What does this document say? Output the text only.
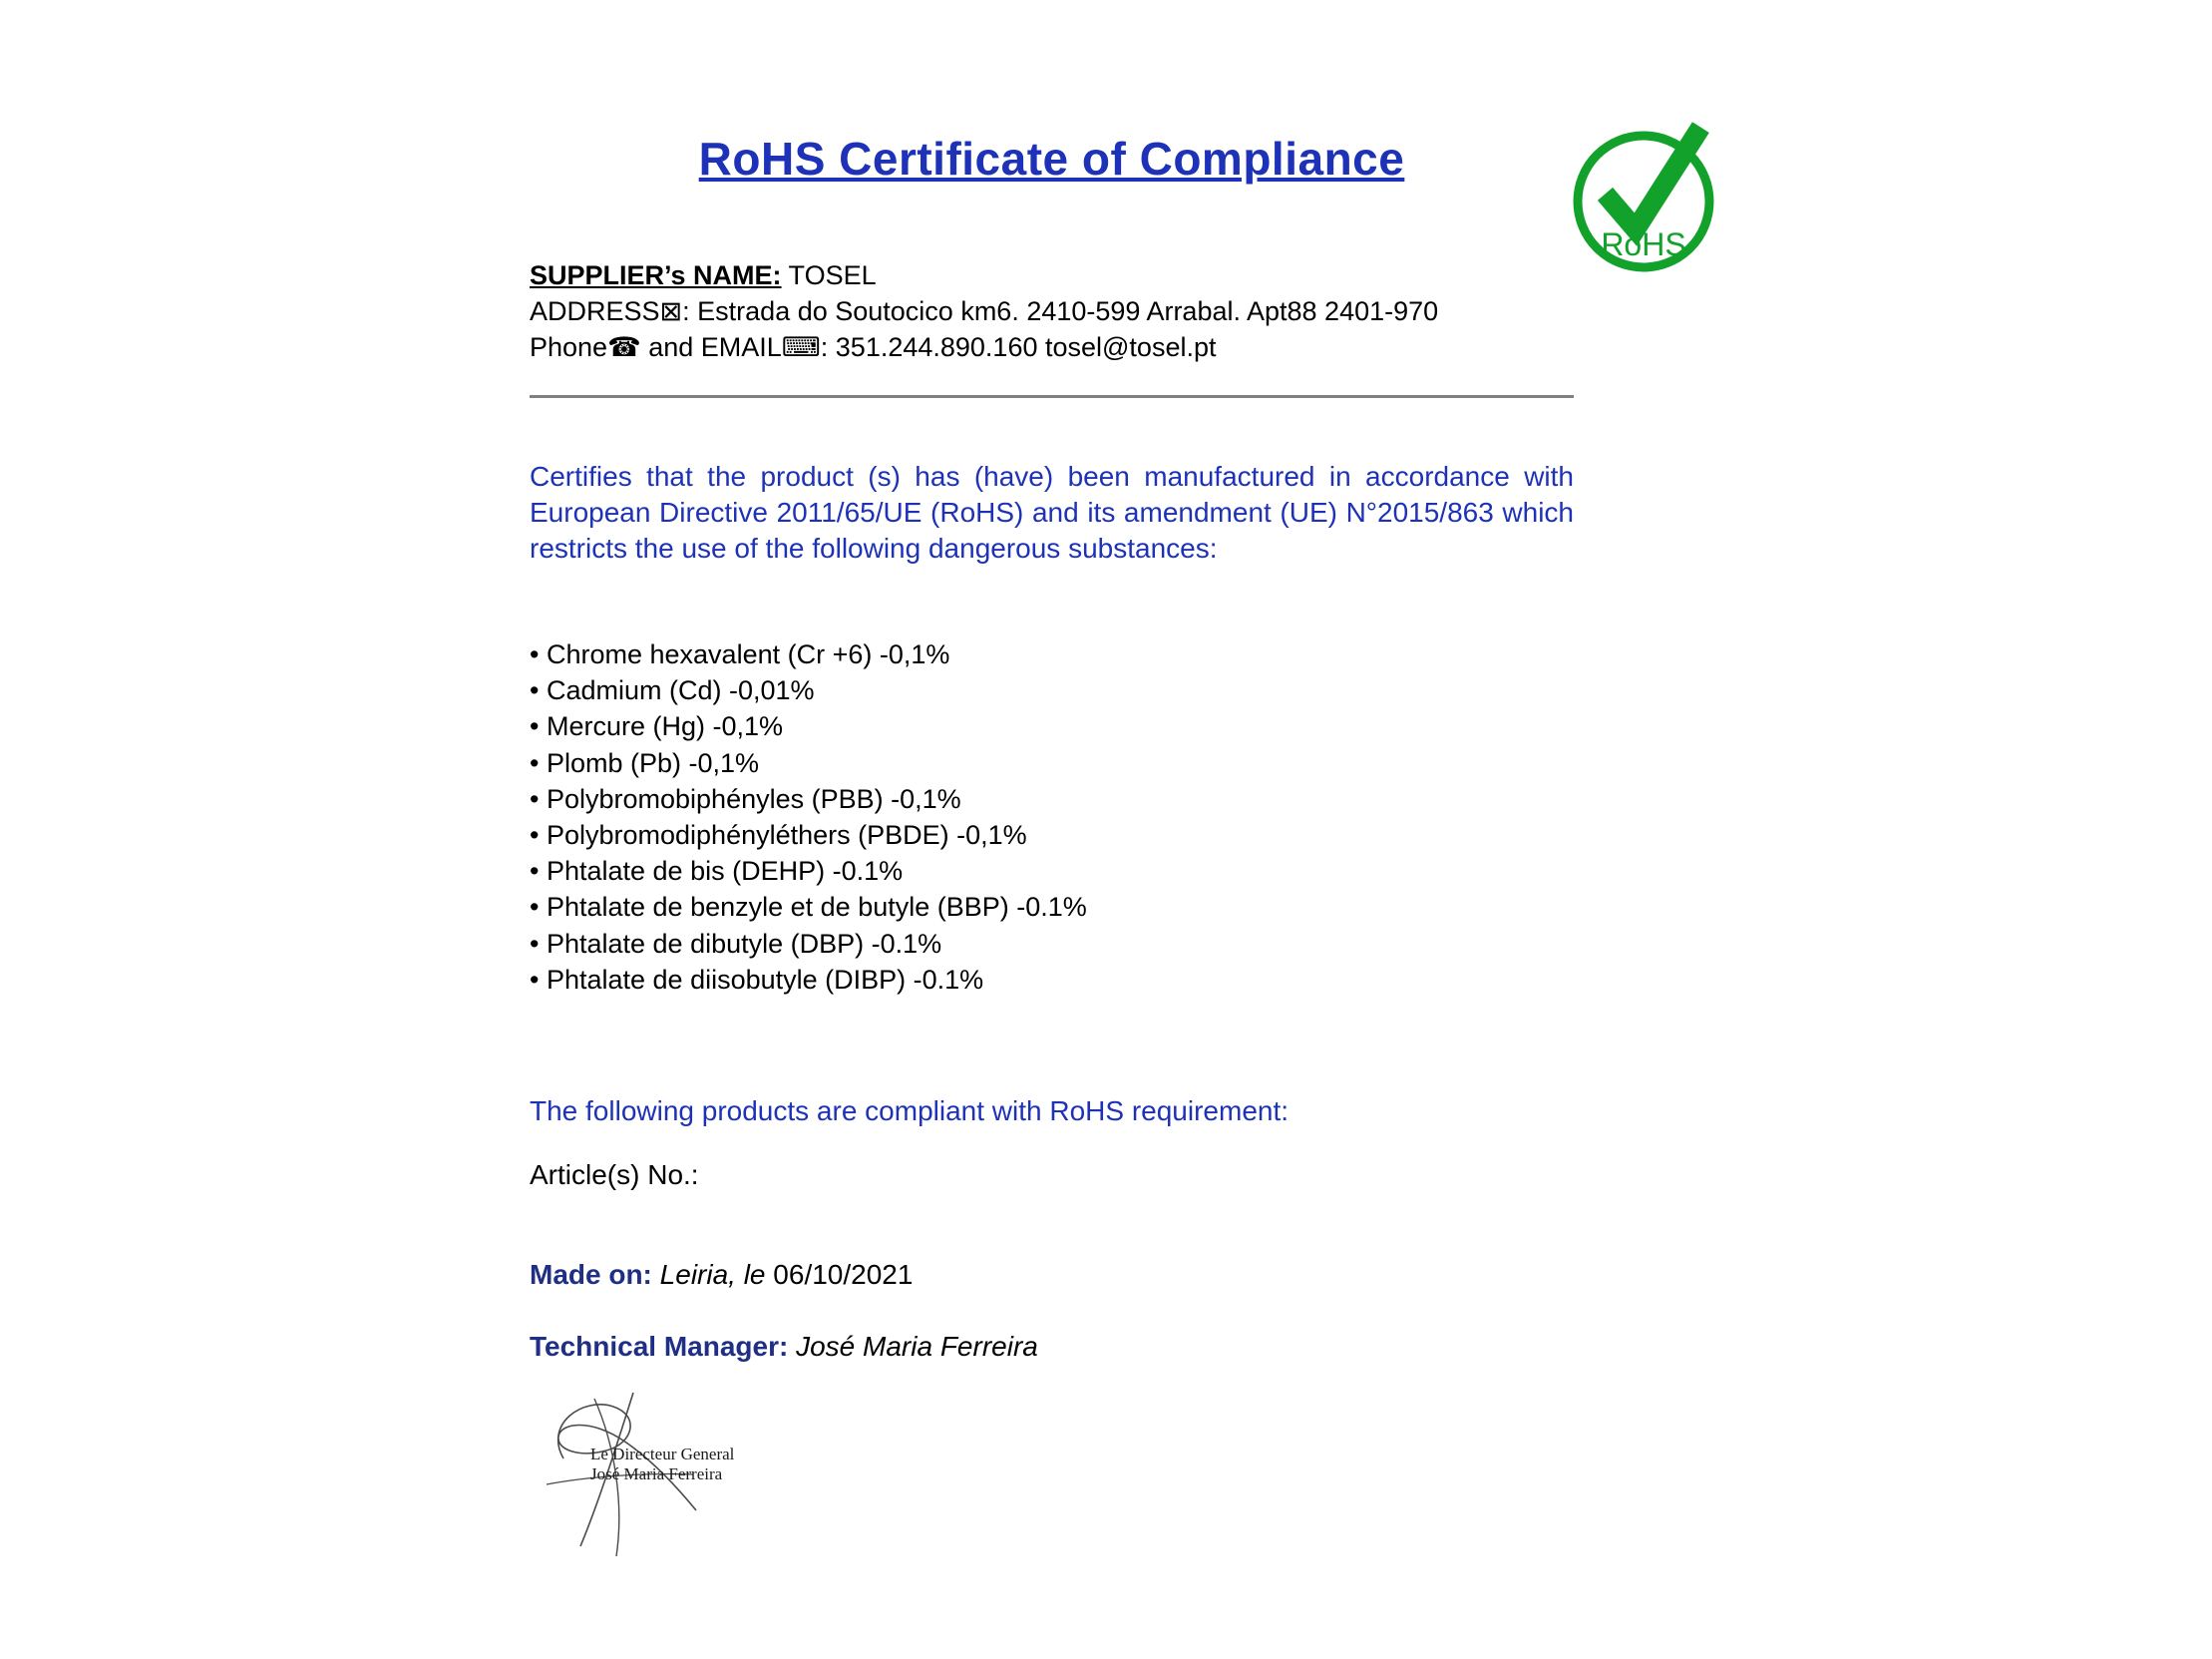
RoHS Certificate of Compliance
RoHS
SUPPLIER’s NAME: TOSEL
ADDRESS⊠: Estrada do Soutocico km6. 2410-599 Arrabal. Apt88 2401-970
Phone☎ and EMAIL⌨: 351.244.890.160 tosel@tosel.pt
Certifies that the product (s) has (have) been manufactured in accordance with European Directive 2011/65/UE (RoHS) and its amendment (UE) N°2015/863 which restricts the use of the following dangerous substances:
• Chrome hexavalent (Cr +6) -0,1%
• Cadmium (Cd) -0,01%
• Mercure (Hg) -0,1%
• Plomb (Pb) -0,1%
• Polybromobiphényles (PBB) -0,1%
• Polybromodiphényléthers (PBDE) -0,1%
• Phtalate de bis (DEHP) -0.1%
• Phtalate de benzyle et de butyle (BBP) -0.1%
• Phtalate de dibutyle (DBP) -0.1%
• Phtalate de diisobutyle (DIBP) -0.1%
The following products are compliant with RoHS requirement:
Article(s) No.:
Made on: Leiria, le 06/10/2021
Technical Manager: José Maria Ferreira
Le Directeur General
José Maria Ferreira
